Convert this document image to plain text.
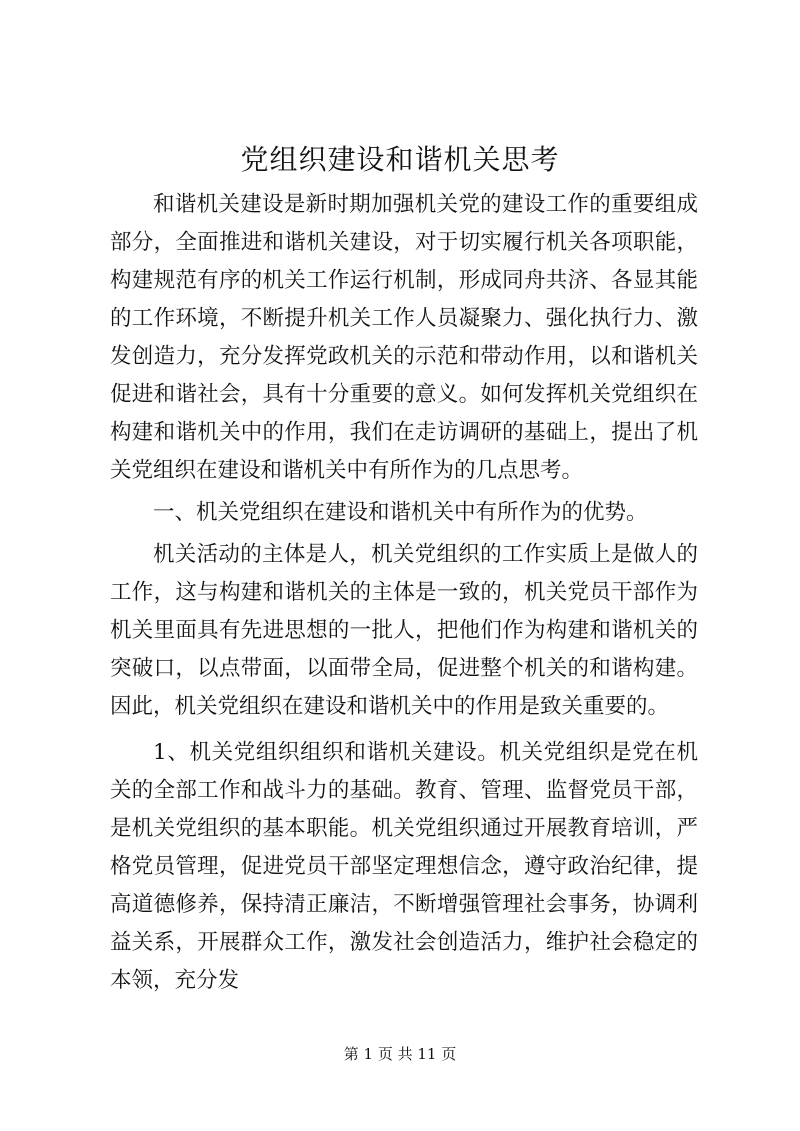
党组织建设和谐机关思考

和谐机关建设是新时期加强机关党的建设工作的重要组成部分，全面推进和谐机关建设，对于切实履行机关各项职能，构建规范有序的机关工作运行机制，形成同舟共济、各显其能的工作环境，不断提升机关工作人员凝聚力、强化执行力、激发创造力，充分发挥党政机关的示范和带动作用，以和谐机关促进和谐社会，具有十分重要的意义。如何发挥机关党组织在构建和谐机关中的作用，我们在走访调研的基础上，提出了机关党组织在建设和谐机关中有所作为的几点思考。

一、机关党组织在建设和谐机关中有所作为的优势。

机关活动的主体是人，机关党组织的工作实质上是做人的工作，这与构建和谐机关的主体是一致的，机关党员干部作为机关里面具有先进思想的一批人，把他们作为构建和谐机关的突破口，以点带面，以面带全局，促进整个机关的和谐构建。因此，机关党组织在建设和谐机关中的作用是致关重要的。

1、机关党组织组织和谐机关建设。机关党组织是党在机关的全部工作和战斗力的基础。教育、管理、监督党员干部，是机关党组织的基本职能。机关党组织通过开展教育培训，严格党员管理，促进党员干部坚定理想信念，遵守政治纪律，提高道德修养，保持清正廉洁，不断增强管理社会事务，协调利益关系，开展群众工作，激发社会创造活力，维护社会稳定的本领，充分发

第 1 页 共 11 页
